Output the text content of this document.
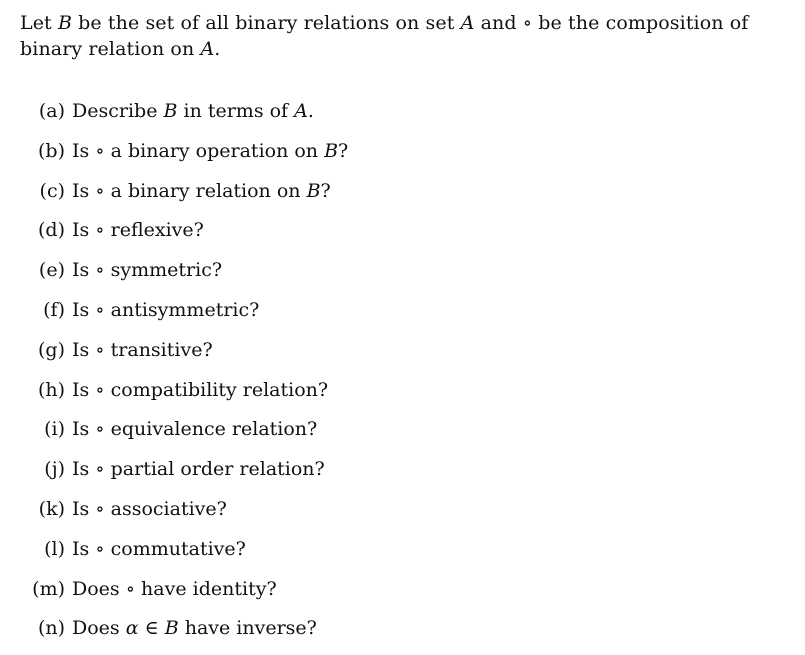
Let B be the set of all binary relations on set A and ∘ be the composition of binary relation on A.

(a) Describe B in terms of A.
(b) Is ∘ a binary operation on B?
(c) Is ∘ a binary relation on B?
(d) Is ∘ reflexive?
(e) Is ∘ symmetric?
(f) Is ∘ antisymmetric?
(g) Is ∘ transitive?
(h) Is ∘ compatibility relation?
(i) Is ∘ equivalence relation?
(j) Is ∘ partial order relation?
(k) Is ∘ associative?
(l) Is ∘ commutative?
(m) Does ∘ have identity?
(n) Does α ∈ B have inverse?
